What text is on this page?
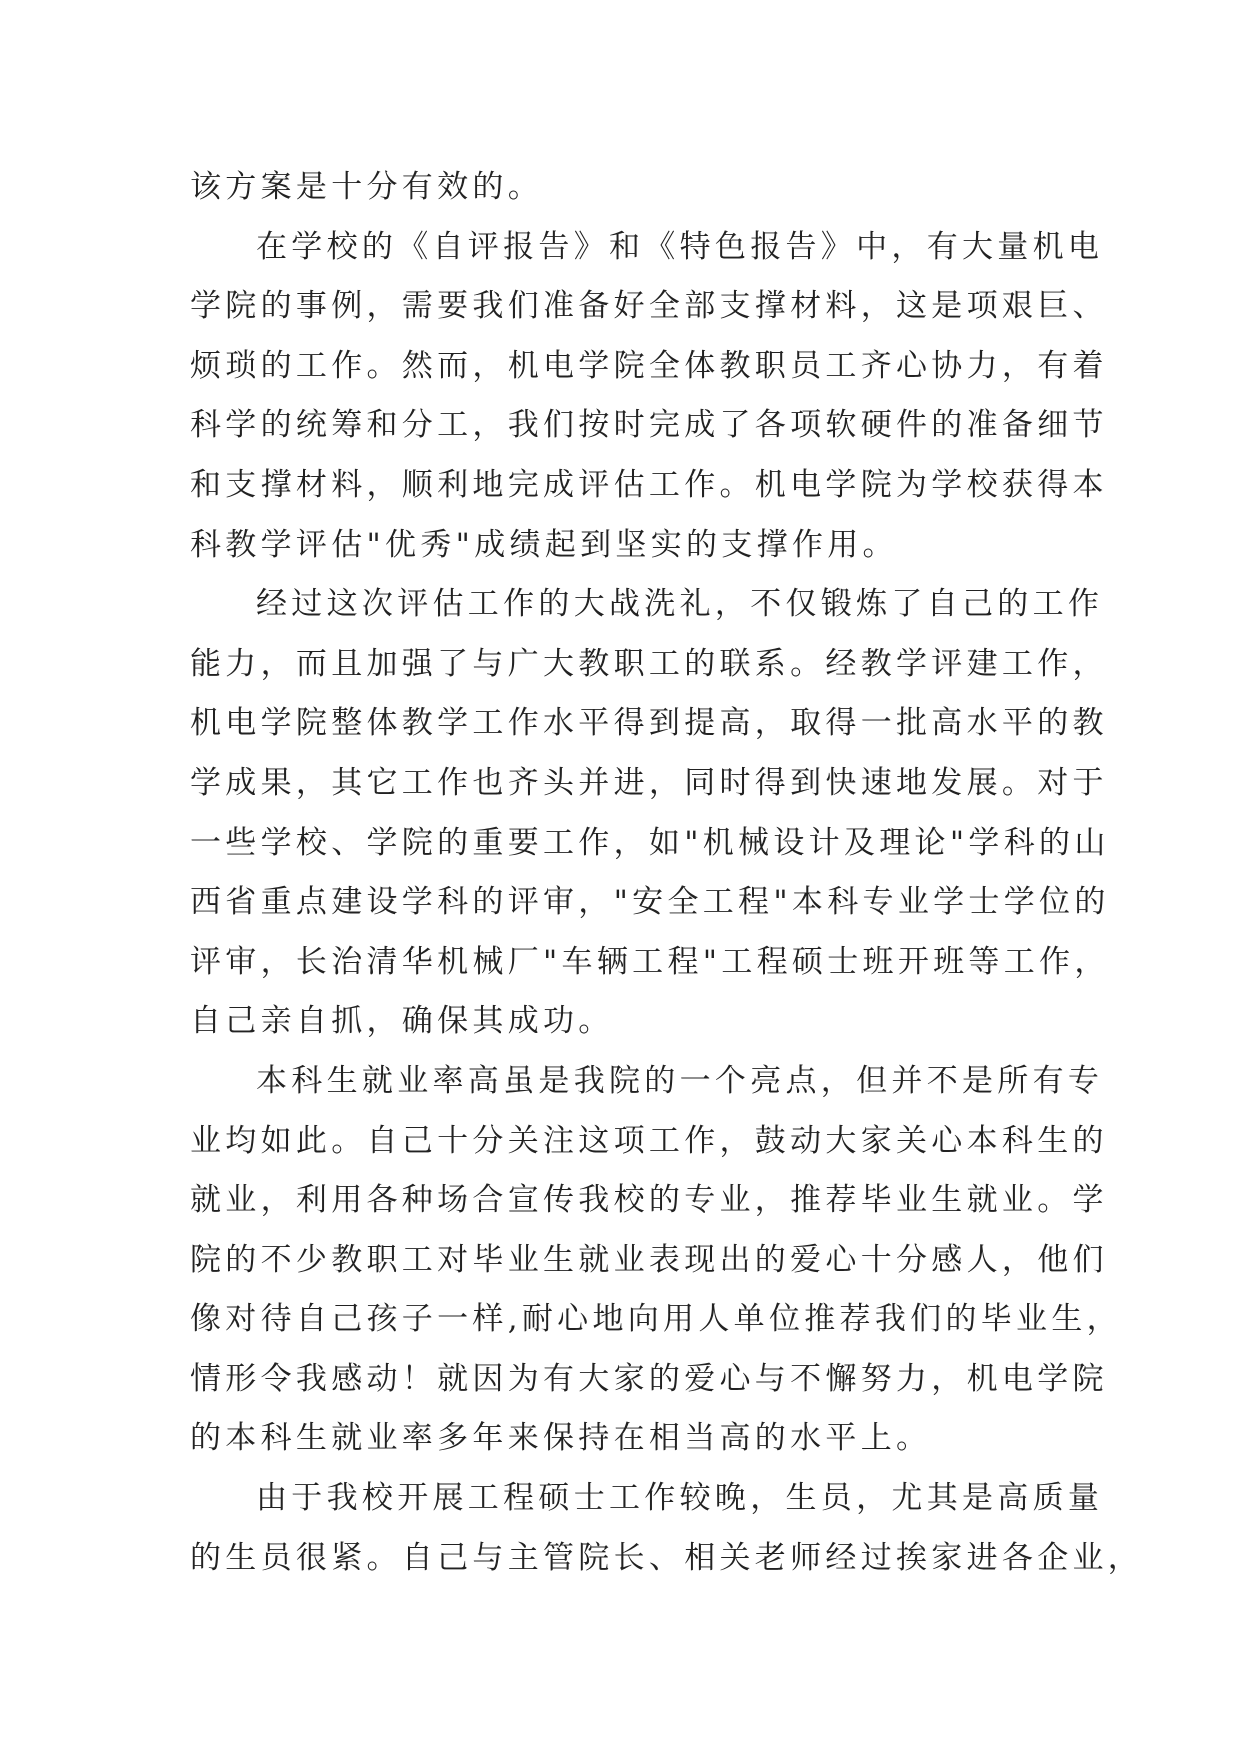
该方案是十分有效的。
在学校的《自评报告》和《特色报告》中，有大量机电
学院的事例，需要我们准备好全部支撑材料，这是项艰巨、
烦琐的工作。然而，机电学院全体教职员工齐心协力，有着
科学的统筹和分工，我们按时完成了各项软硬件的准备细节
和支撑材料，顺利地完成评估工作。机电学院为学校获得本
科教学评估"优秀"成绩起到坚实的支撑作用。
经过这次评估工作的大战洗礼，不仅锻炼了自己的工作
能力，而且加强了与广大教职工的联系。经教学评建工作，
机电学院整体教学工作水平得到提高，取得一批高水平的教
学成果，其它工作也齐头并进，同时得到快速地发展。对于
一些学校、学院的重要工作，如"机械设计及理论"学科的山
西省重点建设学科的评审，"安全工程"本科专业学士学位的
评审，长治清华机械厂"车辆工程"工程硕士班开班等工作，
自己亲自抓，确保其成功。
本科生就业率高虽是我院的一个亮点，但并不是所有专
业均如此。自己十分关注这项工作，鼓动大家关心本科生的
就业，利用各种场合宣传我校的专业，推荐毕业生就业。学
院的不少教职工对毕业生就业表现出的爱心十分感人，他们
像对待自己孩子一样,耐心地向用人单位推荐我们的毕业生，
情形令我感动！就因为有大家的爱心与不懈努力，机电学院
的本科生就业率多年来保持在相当高的水平上。
由于我校开展工程硕士工作较晚，生员，尤其是高质量
的生员很紧。自己与主管院长、相关老师经过挨家进各企业，
